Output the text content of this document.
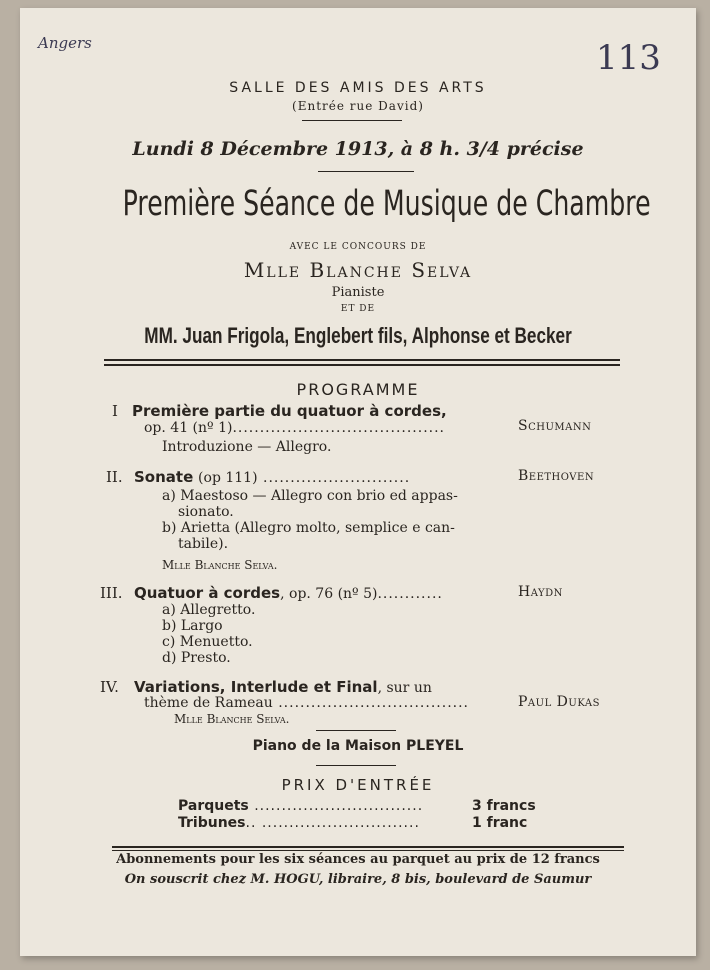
Angers	113
SALLE DES AMIS DES ARTS
(Entrée rue David)
Lundi 8 Décembre 1913, à 8 h. 3/4 précise
Première Séance de Musique de Chambre
AVEC LE CONCOURS DE
Mlle Blanche Selva
Pianiste
ET DE
MM. Juan Frigola, Englebert fils, Alphonse et Becker
PROGRAMME
I Première partie du quatuor à cordes,
op. 41 (nº 1).......................................	Schumann
Introduzione — Allegro.
II. Sonate (op 111) ...........................	Beethoven
a) Maestoso — Allegro con brio ed appas-
sionato.
b) Arietta (Allegro molto, semplice e can-
tabile).
Mlle Blanche Selva.
III. Quatuor à cordes, op. 76 (nº 5)............	Haydn
a) Allegretto.
b) Largo
c) Menuetto.
d) Presto.
IV. Variations, Interlude et Final, sur un
thème de Rameau ...................................	Paul Dukas
Mlle Blanche Selva.
Piano de la Maison PLEYEL
PRIX D'ENTRÉE
Parquets ...............................	3 francs
Tribunes.. .............................	1 franc
Abonnements pour les six séances au parquet au prix de 12 francs
On souscrit chez M. HOGU, libraire, 8 bis, boulevard de Saumur
